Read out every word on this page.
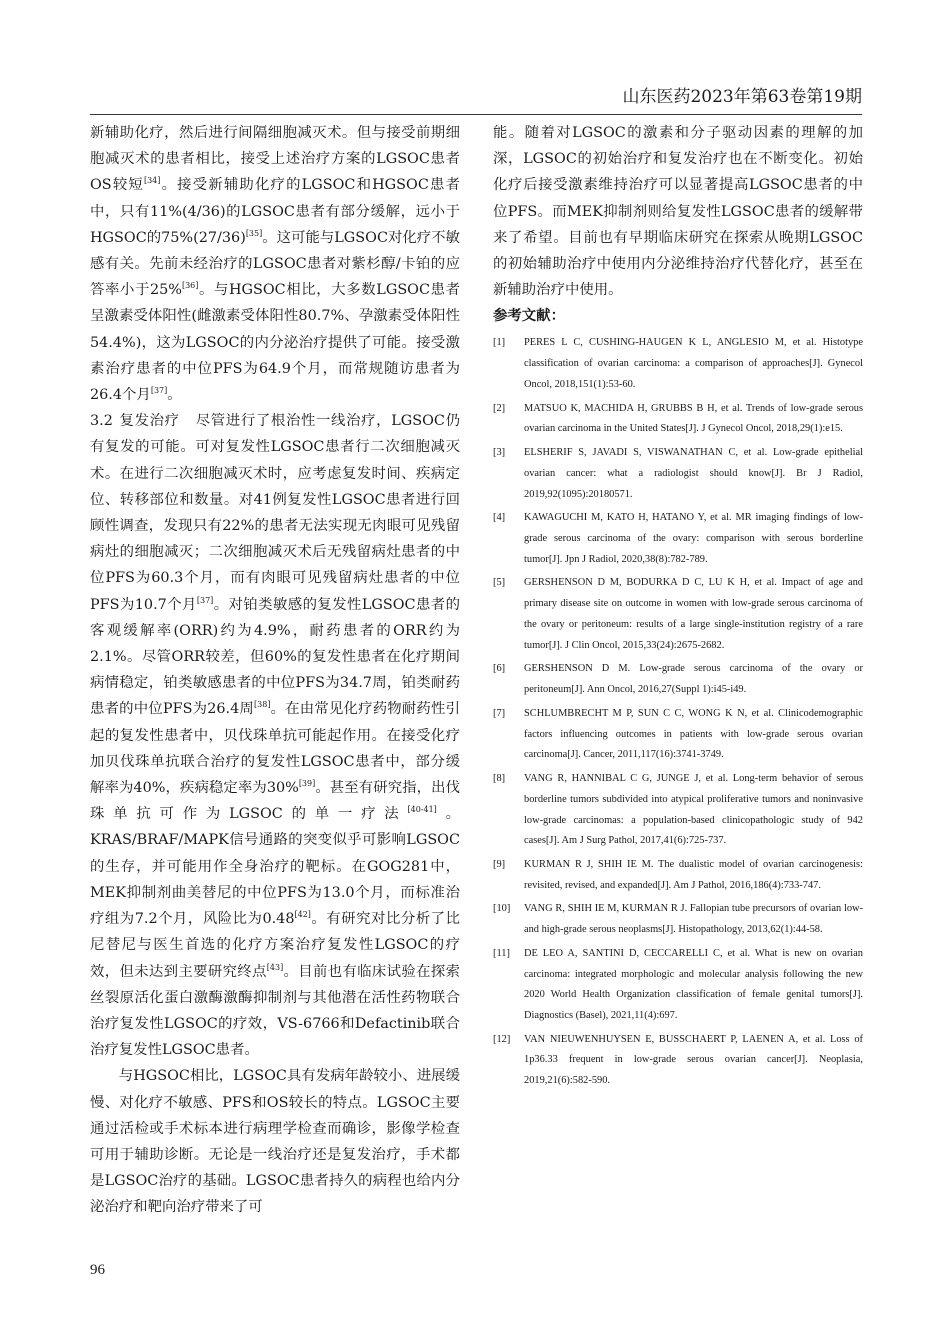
山东医药2023年第63卷第19期

新辅助化疗，然后进行间隔细胞减灭术。但与接受前期细胞减灭术的患者相比，接受上述治疗方案的LGSOC患者OS较短[34]。接受新辅助化疗的LGSOC和HGSOC患者中，只有11%(4/36)的LGSOC患者有部分缓解，远小于HGSOC的75%(27/36)[35]。这可能与LGSOC对化疗不敏感有关。先前未经治疗的LGSOC患者对紫杉醇/卡铂的应答率小于25%[36]。与HGSOC相比，大多数LGSOC患者呈激素受体阳性(雌激素受体阳性80.7%、孕激素受体阳性54.4%)，这为LGSOC的内分泌治疗提供了可能。接受激素治疗患者的中位PFS为64.9个月，而常规随访患者为26.4个月[37]。

3.2 复发治疗 尽管进行了根治性一线治疗，LGSOC仍有复发的可能。可对复发性LGSOC患者行二次细胞减灭术。在进行二次细胞减灭术时，应考虑复发时间、疾病定位、转移部位和数量。对41例复发性LGSOC患者进行回顾性调查，发现只有22%的患者无法实现无肉眼可见残留病灶的细胞减灭；二次细胞减灭术后无残留病灶患者的中位PFS为60.3个月，而有肉眼可见残留病灶患者的中位PFS为10.7个月[37]。对铂类敏感的复发性LGSOC患者的客观缓解率(ORR)约为4.9%，耐药患者的ORR约为2.1%。尽管ORR较差，但60%的复发性患者在化疗期间病情稳定，铂类敏感患者的中位PFS为34.7周，铂类耐药患者的中位PFS为26.4周[38]。在由常见化疗药物耐药性引起的复发性患者中，贝伐珠单抗可能起作用。在接受化疗加贝伐珠单抗联合治疗的复发性LGSOC患者中，部分缓解率为40%，疾病稳定率为30%[39]。甚至有研究指，出伐珠单抗可作为LGSOC的单一疗法[40-41]。KRAS/BRAF/MAPK信号通路的突变似乎可影响LGSOC的生存，并可能用作全身治疗的靶标。在GOG281中，MEK抑制剂曲美替尼的中位PFS为13.0个月，而标准治疗组为7.2个月，风险比为0.48[42]。有研究对比分析了比尼替尼与医生首选的化疗方案治疗复发性LGSOC的疗效，但未达到主要研究终点[43]。目前也有临床试验在探索丝裂原活化蛋白激酶激酶抑制剂与其他潜在活性药物联合治疗复发性LGSOC的疗效，VS-6766和Defactinib联合治疗复发性LGSOC患者。

与HGSOC相比，LGSOC具有发病年龄较小、进展缓慢、对化疗不敏感、PFS和OS较长的特点。LGSOC主要通过活检或手术标本进行病理学检查而确诊，影像学检查可用于辅助诊断。无论是一线治疗还是复发治疗，手术都是LGSOC治疗的基础。LGSOC患者持久的病程也给内分泌治疗和靶向治疗带来了可

能。随着对LGSOC的激素和分子驱动因素的理解的加深，LGSOC的初始治疗和复发治疗也在不断变化。初始化疗后接受激素维持治疗可以显著提高LGSOC患者的中位PFS。而MEK抑制剂则给复发性LGSOC患者的缓解带来了希望。目前也有早期临床研究在探索从晚期LGSOC的初始辅助治疗中使用内分泌维持治疗代替化疗，甚至在新辅助治疗中使用。

参考文献：
[1]	PERES L C, CUSHING-HAUGEN K L, ANGLESIO M, et al. Histotype classification of ovarian carcinoma: a comparison of approaches[J]. Gynecol Oncol, 2018,151(1):53-60.
[2]	MATSUO K, MACHIDA H, GRUBBS B H, et al. Trends of low-grade serous ovarian carcinoma in the United States[J]. J Gynecol Oncol, 2018,29(1):e15.
[3]	ELSHERIF S, JAVADI S, VISWANATHAN C, et al. Low-grade epithelial ovarian cancer: what a radiologist should know[J]. Br J Radiol, 2019,92(1095):20180571.
[4]	KAWAGUCHI M, KATO H, HATANO Y, et al. MR imaging findings of low-grade serous carcinoma of the ovary: comparison with serous borderline tumor[J]. Jpn J Radiol, 2020,38(8):782-789.
[5]	GERSHENSON D M, BODURKA D C, LU K H, et al. Impact of age and primary disease site on outcome in women with low-grade serous carcinoma of the ovary or peritoneum: results of a large single-institution registry of a rare tumor[J]. J Clin Oncol, 2015,33(24):2675-2682.
[6]	GERSHENSON D M. Low-grade serous carcinoma of the ovary or peritoneum[J]. Ann Oncol, 2016,27(Suppl 1):i45-i49.
[7]	SCHLUMBRECHT M P, SUN C C, WONG K N, et al. Clinicodemographic factors influencing outcomes in patients with low-grade serous ovarian carcinoma[J]. Cancer, 2011,117(16):3741-3749.
[8]	VANG R, HANNIBAL C G, JUNGE J, et al. Long-term behavior of serous borderline tumors subdivided into atypical proliferative tumors and noninvasive low-grade carcinomas: a population-based clinicopathologic study of 942 cases[J]. Am J Surg Pathol, 2017,41(6):725-737.
[9]	KURMAN R J, SHIH IE M. The dualistic model of ovarian carcinogenesis: revisited, revised, and expanded[J]. Am J Pathol, 2016,186(4):733-747.
[10]	VANG R, SHIH IE M, KURMAN R J. Fallopian tube precursors of ovarian low- and high-grade serous neoplasms[J]. Histopathology, 2013,62(1):44-58.
[11]	DE LEO A, SANTINI D, CECCARELLI C, et al. What is new on ovarian carcinoma: integrated morphologic and molecular analysis following the new 2020 World Health Organization classification of female genital tumors[J]. Diagnostics (Basel), 2021,11(4):697.
[12]	VAN NIEUWENHUYSEN E, BUSSCHAERT P, LAENEN A, et al. Loss of 1p36.33 frequent in low-grade serous ovarian cancer[J]. Neoplasia, 2019,21(6):582-590.
96
